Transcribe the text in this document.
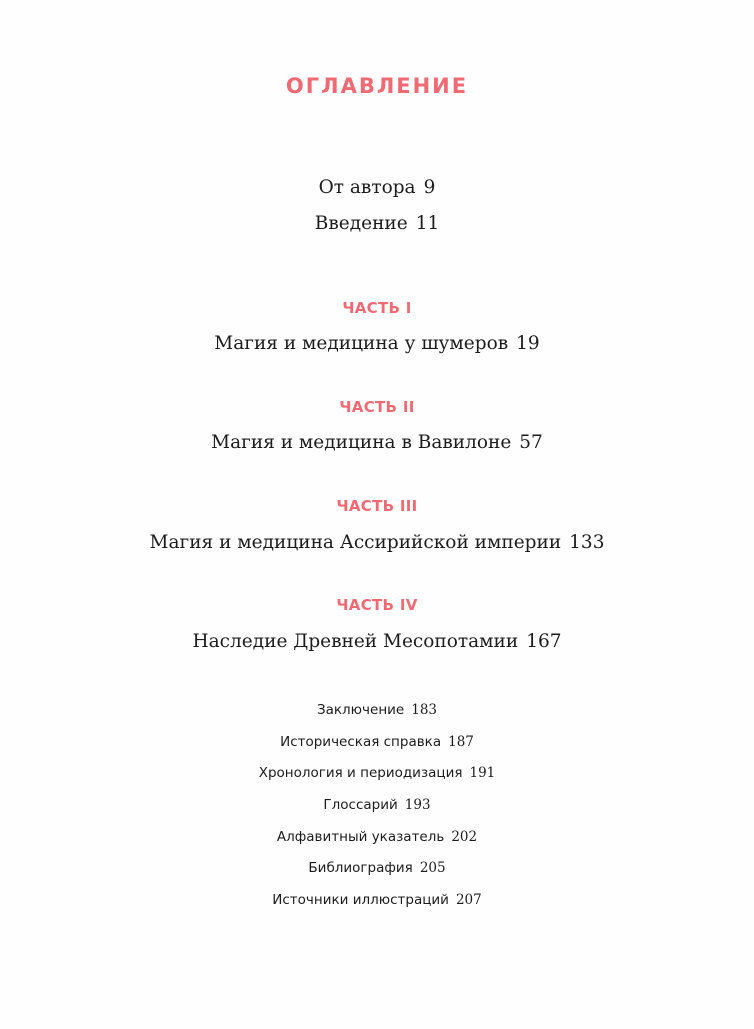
ОГЛАВЛЕНИЕ
От автора 9
Введение 11
ЧАСТЬ I
Магия и медицина у шумеров 19
ЧАСТЬ II
Магия и медицина в Вавилоне 57
ЧАСТЬ III
Магия и медицина Ассирийской империи 133
ЧАСТЬ IV
Наследие Древней Месопотамии 167
Заключение 183
Историческая справка 187
Хронология и периодизация 191
Глоссарий 193
Алфавитный указатель 202
Библиография 205
Источники иллюстраций 207
